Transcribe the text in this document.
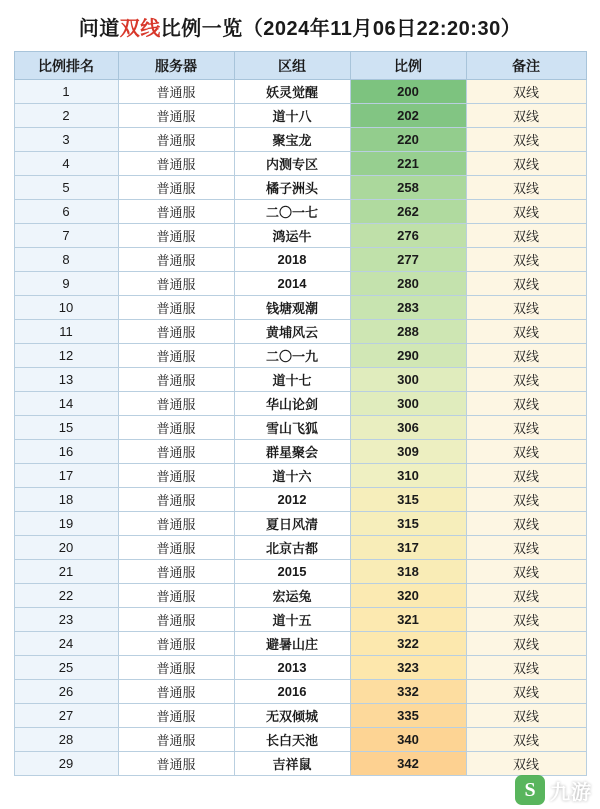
问道双线比例一览（2024年11月06日22:20:30）
比例排名	服务器	区组	比例	备注
1	普通服	妖灵觉醒	200	双线
2	普通服	道十八	202	双线
3	普通服	聚宝龙	220	双线
4	普通服	内测专区	221	双线
5	普通服	橘子洲头	258	双线
6	普通服	二〇一七	262	双线
7	普通服	鸿运牛	276	双线
8	普通服	2018	277	双线
9	普通服	2014	280	双线
10	普通服	钱塘观潮	283	双线
11	普通服	黄埔风云	288	双线
12	普通服	二〇一九	290	双线
13	普通服	道十七	300	双线
14	普通服	华山论剑	300	双线
15	普通服	雪山飞狐	306	双线
16	普通服	群星聚会	309	双线
17	普通服	道十六	310	双线
18	普通服	2012	315	双线
19	普通服	夏日风清	315	双线
20	普通服	北京古都	317	双线
21	普通服	2015	318	双线
22	普通服	宏运兔	320	双线
23	普通服	道十五	321	双线
24	普通服	避暑山庄	322	双线
25	普通服	2013	323	双线
26	普通服	2016	332	双线
27	普通服	无双倾城	335	双线
28	普通服	长白天池	340	双线
29	普通服	吉祥鼠	342	双线
S 九游
